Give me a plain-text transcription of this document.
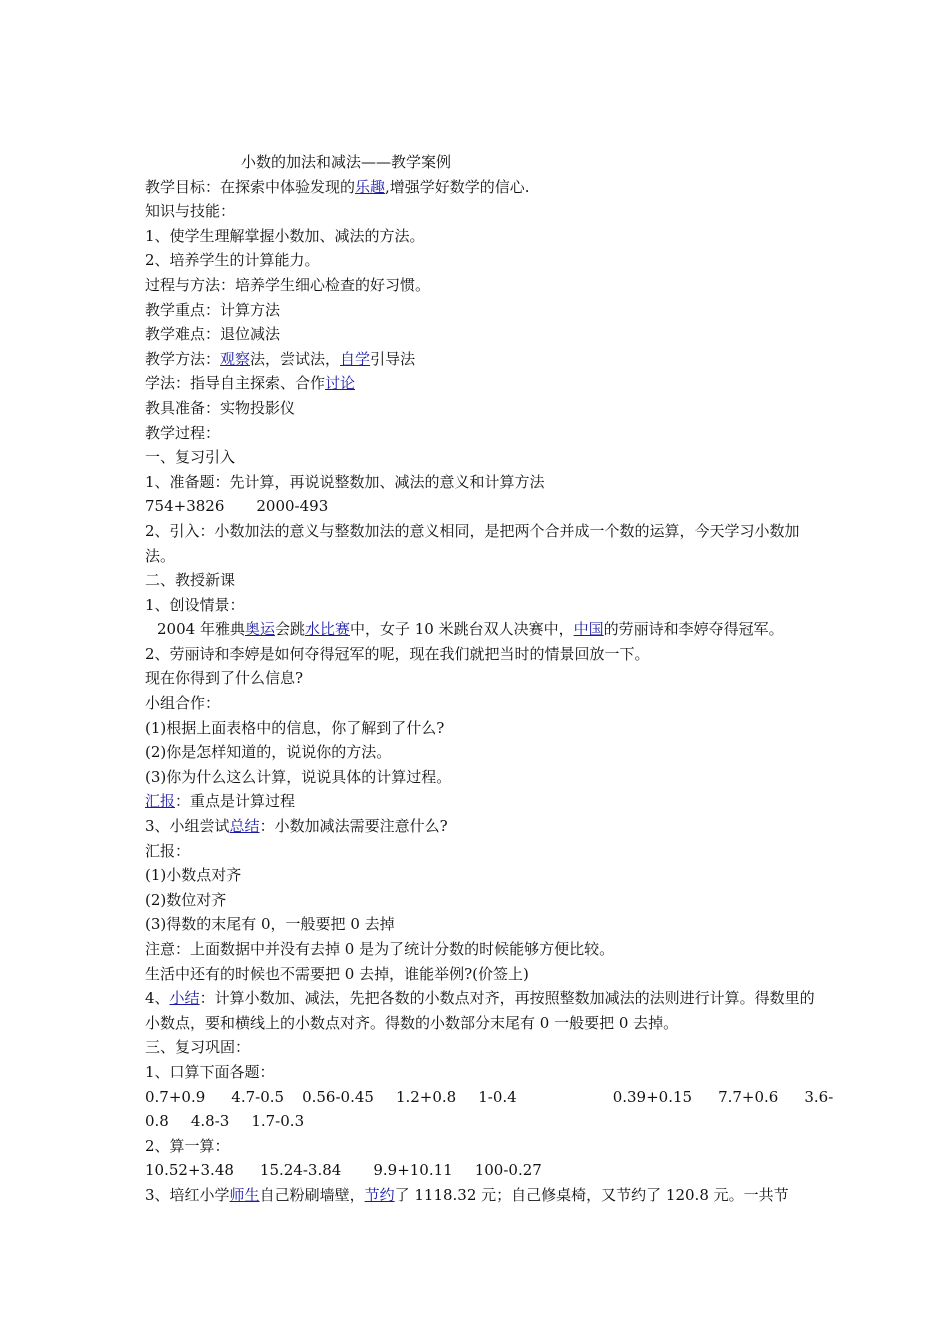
小数的加法和减法——教学案例
教学目标：在探索中体验发现的乐趣,增强学好数学的信心.
知识与技能：
1、使学生理解掌握小数加、减法的方法。
2、培养学生的计算能力。
过程与方法：培养学生细心检查的好习惯。
教学重点：计算方法
教学难点：退位减法
教学方法：观察法，尝试法，自学引导法
学法：指导自主探索、合作讨论
教具准备：实物投影仪
教学过程：
一、复习引入
1、准备题：先计算，再说说整数加、减法的意义和计算方法
754+3826 2000-493
2、引入：小数加法的意义与整数加法的意义相同，是把两个合并成一个数的运算，今天学习小数加法。
二、教授新课
1、创设情景：
2004 年雅典奥运会跳水比赛中，女子 10 米跳台双人决赛中，中国的劳丽诗和李婷夺得冠军。
2、劳丽诗和李婷是如何夺得冠军的呢，现在我们就把当时的情景回放一下。
现在你得到了什么信息?
小组合作：
(1)根据上面表格中的信息，你了解到了什么?
(2)你是怎样知道的，说说你的方法。
(3)你为什么这么计算，说说具体的计算过程。
汇报：重点是计算过程
3、小组尝试总结：小数加减法需要注意什么?
汇报：
(1)小数点对齐
(2)数位对齐
(3)得数的末尾有 0，一般要把 0 去掉
注意：上面数据中并没有去掉 0 是为了统计分数的时候能够方便比较。
生活中还有的时候也不需要把 0 去掉，谁能举例?(价签上)
4、小结：计算小数加、减法，先把各数的小数点对齐，再按照整数加减法的法则进行计算。得数里的小数点，要和横线上的小数点对齐。得数的小数部分末尾有 0 一般要把 0 去掉。
三、复习巩固：
1、口算下面各题：
0.7+0.9 4.7-0.5 0.56-0.45 1.2+0.8 1-0.4	0.39+0.15 7.7+0.6 3.6-
0.8 4.8-3 1.7-0.3
2、算一算：
10.52+3.48 15.24-3.84 9.9+10.11 100-0.27
3、培红小学师生自己粉刷墙壁，节约了 1118.32 元；自己修桌椅，又节约了 120.8 元。一共节
